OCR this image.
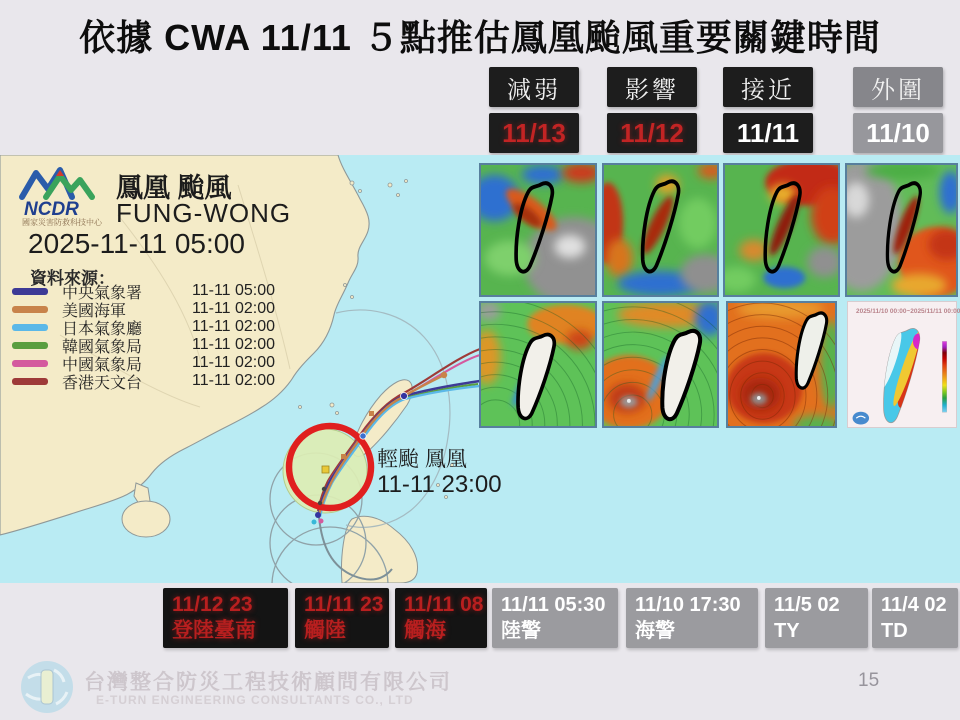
依據 CWA 11/11 ５點推估鳳凰颱風重要關鍵時間
減弱
11/13
影響
11/12
接近
11/11
外圍
11/10
NCDR
國家災害防救科技中心
鳳凰 颱風
FUNG-WONG
2025-11-11 05:00
資料來源：
中央氣象署	11-11 05:00
美國海軍	11-11 02:00
日本氣象廳	11-11 02:00
韓國氣象局	11-11 02:00
中國氣象局	11-11 02:00
香港天文台	11-11 02:00
輕颱 鳳凰
11-11 23:00
2025/11/10 00:00~2025/11/11 00:00
11/12 23
登陸臺南
11/11 23
觸陸
11/11 08
觸海
11/11 05:30
陸警
11/10 17:30
海警
11/5 02
TY
11/4 02
TD
台灣整合防災工程技術顧問有限公司
E-TURN ENGINEERING CONSULTANTS CO., LTD
15
